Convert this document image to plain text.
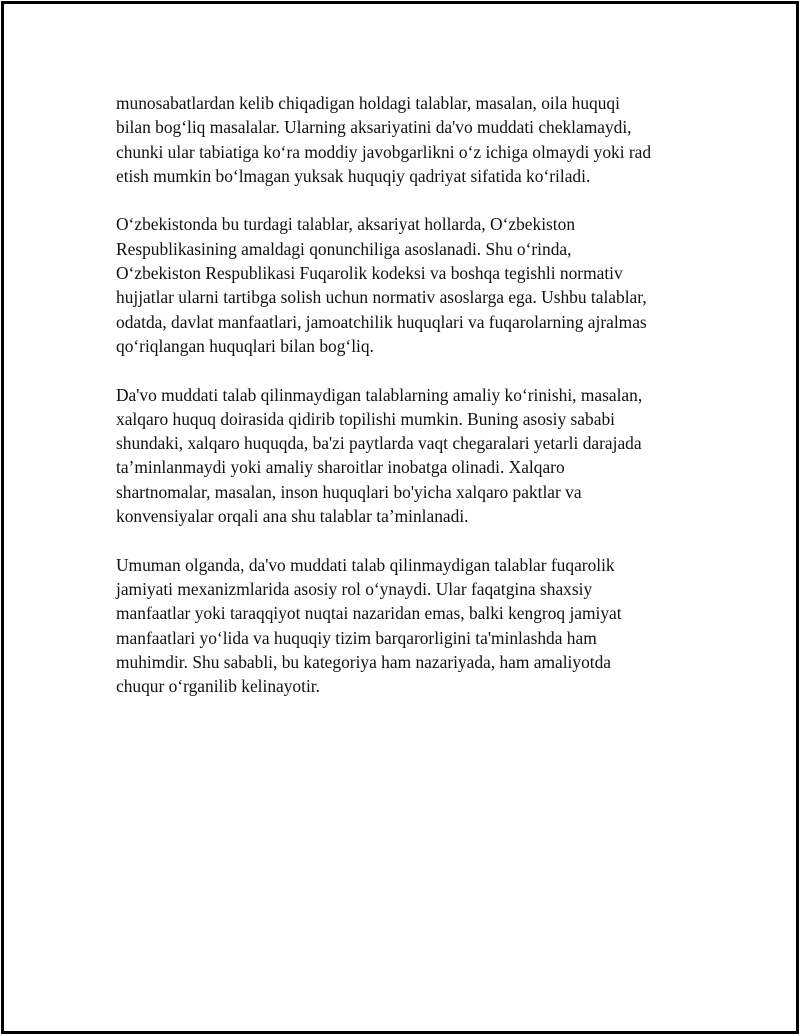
munosabatlardan kelib chiqadigan holdagi talablar, masalan, oila huquqi
bilan bog‘liq masalalar. Ularning aksariyatini da'vo muddati cheklamaydi,
chunki ular tabiatiga ko‘ra moddiy javobgarlikni o‘z ichiga olmaydi yoki rad
etish mumkin bo‘lmagan yuksak huquqiy qadriyat sifatida ko‘riladi.

O‘zbekistonda bu turdagi talablar, aksariyat hollarda, O‘zbekiston
Respublikasining amaldagi qonunchiliga asoslanadi. Shu o‘rinda,
O‘zbekiston Respublikasi Fuqarolik kodeksi va boshqa tegishli normativ
hujjatlar ularni tartibga solish uchun normativ asoslarga ega. Ushbu talablar,
odatda, davlat manfaatlari, jamoatchilik huquqlari va fuqarolarning ajralmas
qo‘riqlangan huquqlari bilan bog‘liq.

Da'vo muddati talab qilinmaydigan talablarning amaliy ko‘rinishi, masalan,
xalqaro huquq doirasida qidirib topilishi mumkin. Buning asosiy sababi
shundaki, xalqaro huquqda, ba'zi paytlarda vaqt chegaralari yetarli darajada
ta’minlanmaydi yoki amaliy sharoitlar inobatga olinadi. Xalqaro
shartnomalar, masalan, inson huquqlari bo'yicha xalqaro paktlar va
konvensiyalar orqali ana shu talablar ta’minlanadi.

Umuman olganda, da'vo muddati talab qilinmaydigan talablar fuqarolik
jamiyati mexanizmlarida asosiy rol o‘ynaydi. Ular faqatgina shaxsiy
manfaatlar yoki taraqqiyot nuqtai nazaridan emas, balki kengroq jamiyat
manfaatlari yo‘lida va huquqiy tizim barqarorligini ta'minlashda ham
muhimdir. Shu sababli, bu kategoriya ham nazariyada, ham amaliyotda
chuqur o‘rganilib kelinayotir.
